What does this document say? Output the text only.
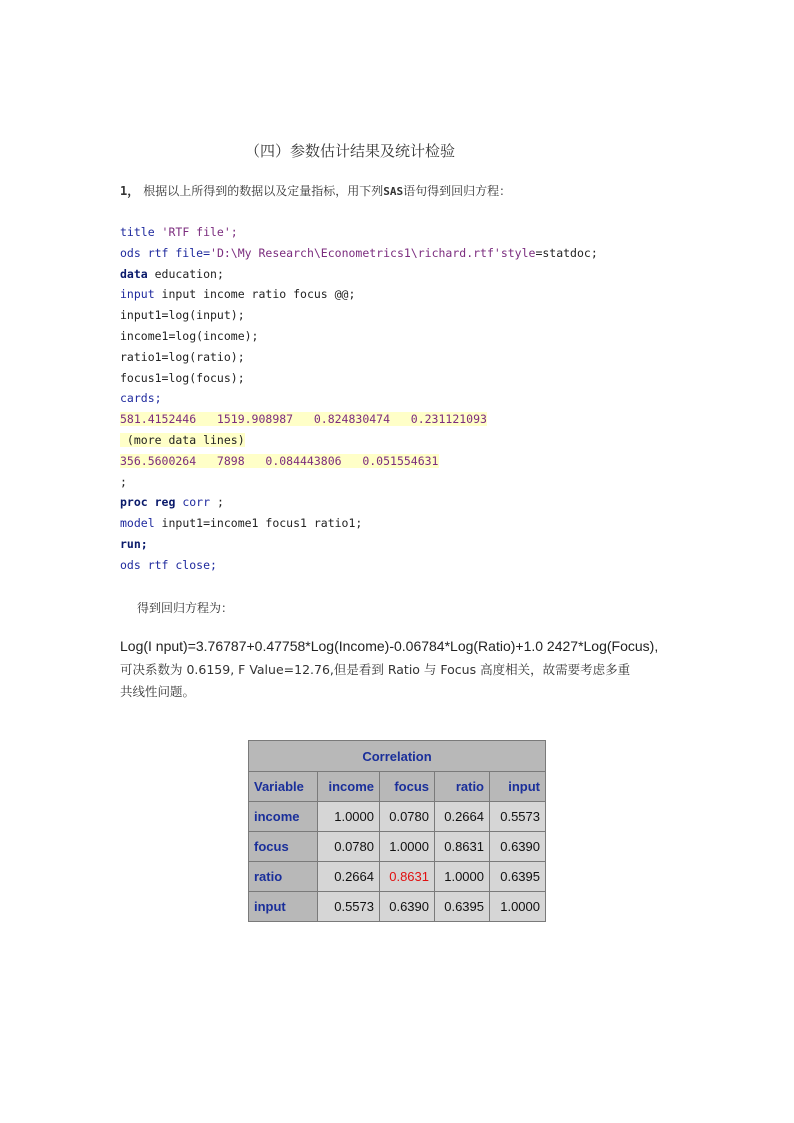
（四）参数估计结果及统计检验
1， 根据以上所得到的数据以及定量指标，用下列SAS语句得到回归方程：
title 'RTF file';
ods rtf file='D:\My Research\Econometrics1\richard.rtf'style=statdoc;
data education;
input input income ratio focus @@;
input1=log(input);
income1=log(income);
ratio1=log(ratio);
focus1=log(focus);
cards;
581.4152446   1519.908987   0.824830474   0.231121093
(more data lines)
356.5600264   7898   0.084443806   0.051554631
;
proc reg corr ;
model input1=income1 focus1 ratio1;
run;
ods rtf close;
得到回归方程为：
Log(I nput)=3.76787+0.47758*Log(Income)-0.06784*Log(Ratio)+1.0 2427*Log(Focus),
可决系数为 0.6159, F Value=12.76,但是看到 Ratio 与 Focus 高度相关，故需要考虑多重
共线性问题。
Correlation				
Variable	income	focus	ratio	input
income	1.0000	0.0780	0.2664	0.5573
focus	0.0780	1.0000	0.8631	0.6390
ratio	0.2664	0.8631	1.0000	0.6395
input	0.5573	0.6390	0.6395	1.0000
